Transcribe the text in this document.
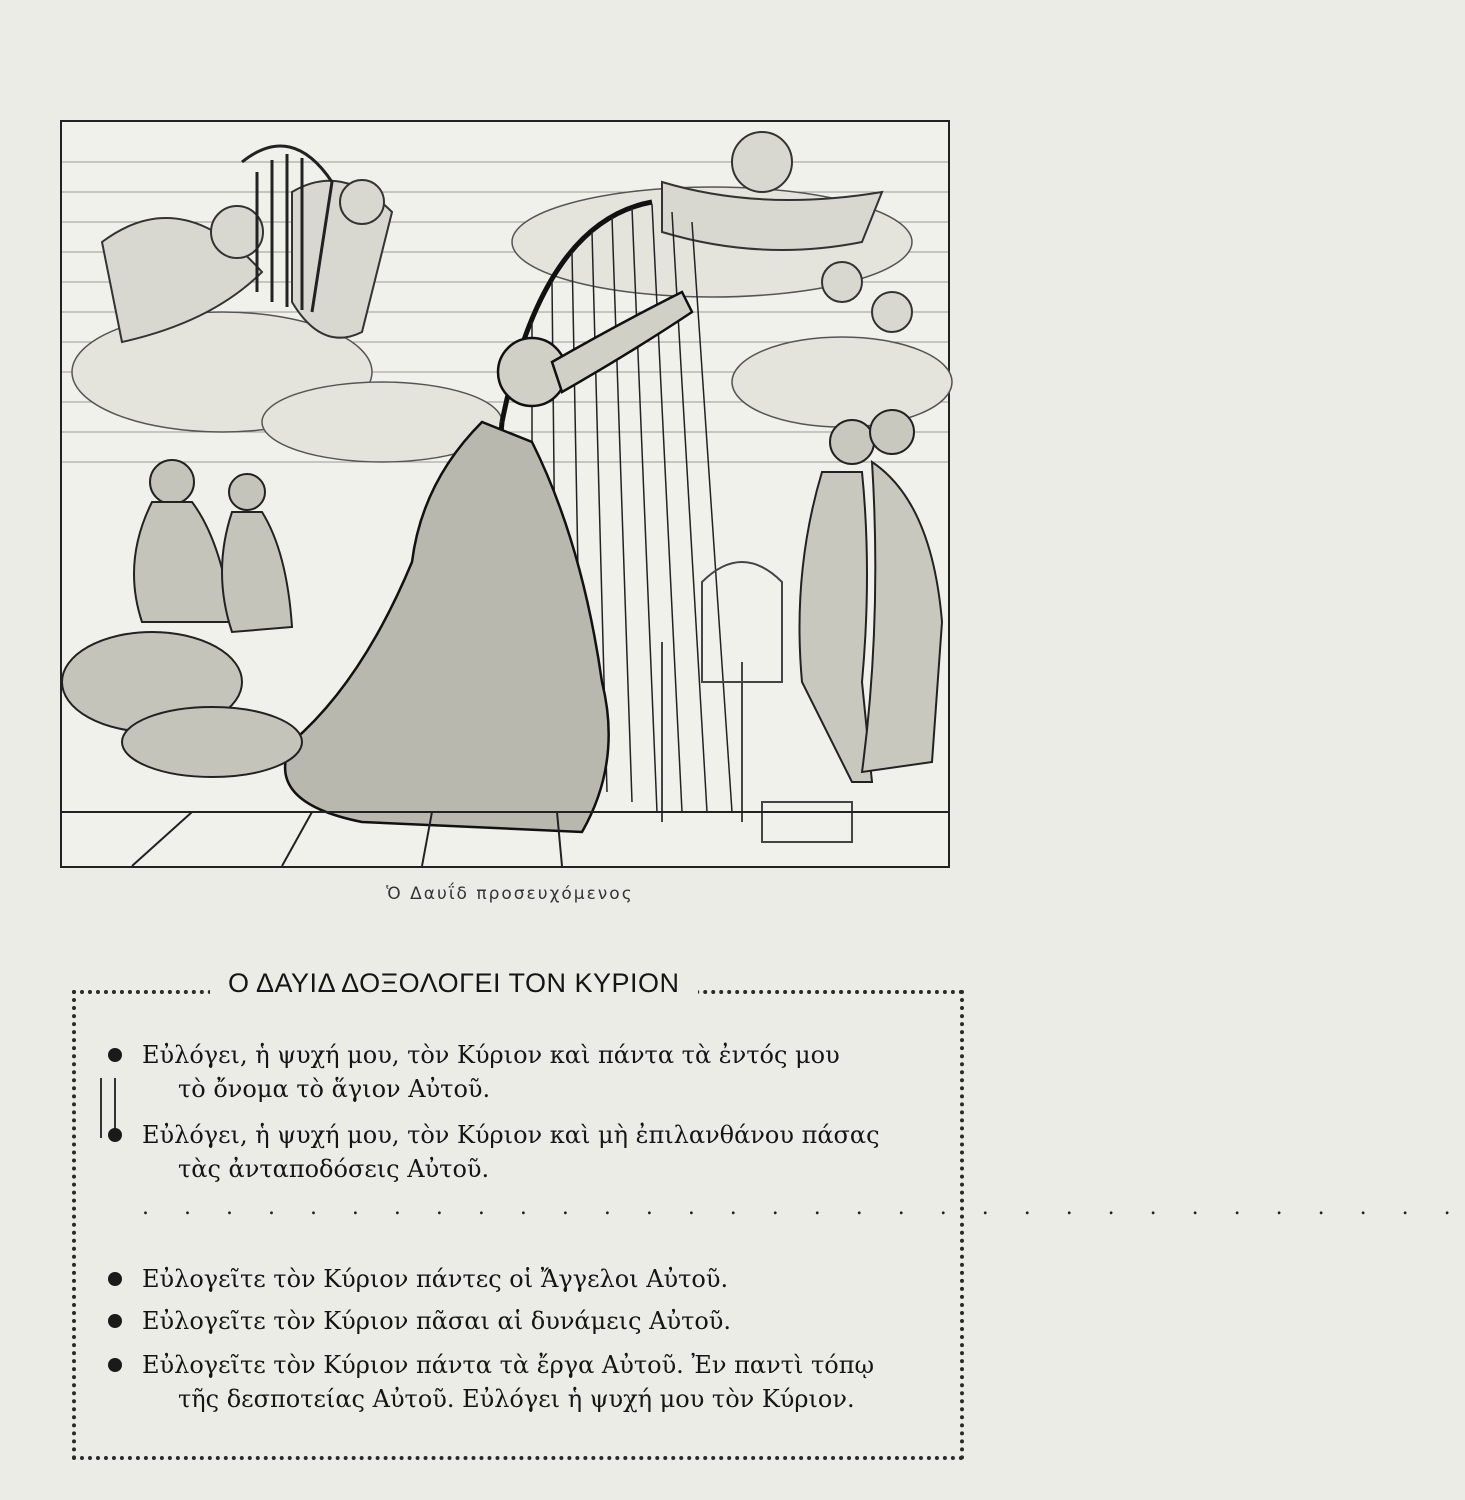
Ὁ Δαυΐδ προσευχόμενος
Ο ΔΑΥΙΔ ΔΟΞΟΛΟΓΕΙ ΤΟΝ ΚΥΡΙΟΝ
Εὐλόγει, ἡ ψυχή μου, τὸν Κύριον καὶ πάντα τὰ ἐντός μου
τὸ ὄνομα τὸ ἅγιον Αὐτοῦ.
Εὐλόγει, ἡ ψυχή μου, τὸν Κύριον καὶ μὴ ἐπιλανθάνου πάσας
τὰς ἀνταποδόσεις Αὐτοῦ.
. . . . . . . . . . . . . . . . . . . . . . . . . . . . . . . .
Εὐλογεῖτε τὸν Κύριον πάντες οἱ Ἄγγελοι Αὐτοῦ.
Εὐλογεῖτε τὸν Κύριον πᾶσαι αἱ δυνάμεις Αὐτοῦ.
Εὐλογεῖτε τὸν Κύριον πάντα τὰ ἔργα Αὐτοῦ. Ἐν παντὶ τόπῳ
τῆς δεσποτείας Αὐτοῦ. Εὐλόγει ἡ ψυχή μου τὸν Κύριον.
